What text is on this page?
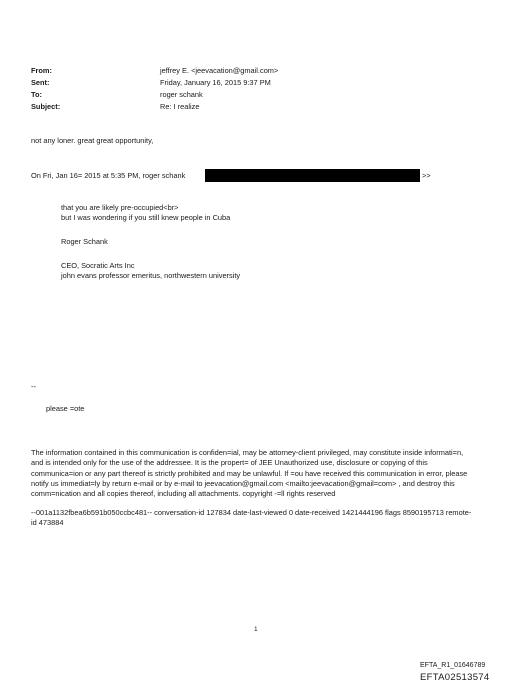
From:	jeffrey E. <jeevacation@gmail.com>
Sent:	Friday, January 16, 2015 9:37 PM
To:	roger schank
Subject:	Re: I realize
not any loner. great great opportunity,
On Fri, Jan 16= 2015 at 5:35 PM, roger schank	>>
that you are likely pre-occupied<br>
but I was wondering if you still knew people in Cuba
Roger Schank
CEO, Socratic Arts Inc
john evans professor emeritus, northwestern university
--
please =ote
The information contained in this communication is confiden=ial, may be attorney-client privileged, may constitute inside informati=n, and is intended only for the use of the addressee. It is the propert= of JEE Unauthorized use, disclosure or copying of this communica=ion or any part thereof is strictly prohibited and may be unlawful. If =ou have received this communication in error, please notify us immediat=ly by return e-mail or by e-mail to jeevacation@gmail.com <mailto:jeevacation@gmail=com> , and destroy this comm=nication and all copies thereof, including all attachments. copyright -=ll rights reserved
--001a1132fbea6b591b050ccbc481-- conversation-id 127834 date-last-viewed 0 date-received 1421444196 flags 8590195713 remote-id 473884
1
EFTA_R1_01646789
EFTA02513574
